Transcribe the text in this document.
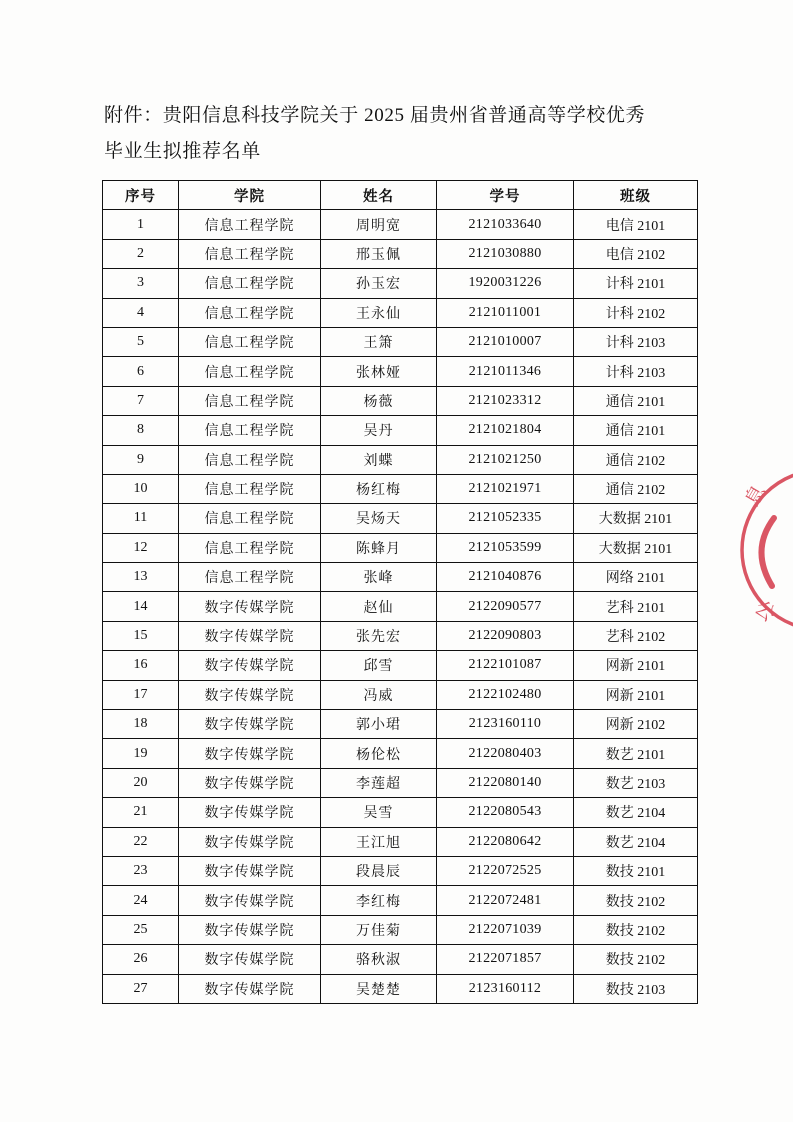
附件：贵阳信息科技学院关于 2025 届贵州省普通高等学校优秀
毕业生拟推荐名单
序号	学院	姓名	学号	班级
1	信息工程学院	周明宽	2121033640	电信 2101
2	信息工程学院	邢玉佩	2121030880	电信 2102
3	信息工程学院	孙玉宏	1920031226	计科 2101
4	信息工程学院	王永仙	2121011001	计科 2102
5	信息工程学院	王箫	2121010007	计科 2103
6	信息工程学院	张林娅	2121011346	计科 2103
7	信息工程学院	杨薇	2121023312	通信 2101
8	信息工程学院	吴丹	2121021804	通信 2101
9	信息工程学院	刘蝶	2121021250	通信 2102
10	信息工程学院	杨红梅	2121021971	通信 2102
11	信息工程学院	吴炀天	2121052335	大数据 2101
12	信息工程学院	陈蜂月	2121053599	大数据 2101
13	信息工程学院	张峰	2121040876	网络 2101
14	数字传媒学院	赵仙	2122090577	艺科 2101
15	数字传媒学院	张先宏	2122090803	艺科 2102
16	数字传媒学院	邱雪	2122101087	网新 2101
17	数字传媒学院	冯威	2122102480	网新 2101
18	数字传媒学院	郭小珺	2123160110	网新 2102
19	数字传媒学院	杨伦松	2122080403	数艺 2101
20	数字传媒学院	李莲超	2122080140	数艺 2103
21	数字传媒学院	吴雪	2122080543	数艺 2104
22	数字传媒学院	王江旭	2122080642	数艺 2104
23	数字传媒学院	段晨辰	2122072525	数技 2101
24	数字传媒学院	李红梅	2122072481	数技 2102
25	数字传媒学院	万佳菊	2122071039	数技 2102
26	数字传媒学院	骆秋淑	2122071857	数技 2102
27	数字传媒学院	吴楚楚	2123160112	数技 2103
息
公
